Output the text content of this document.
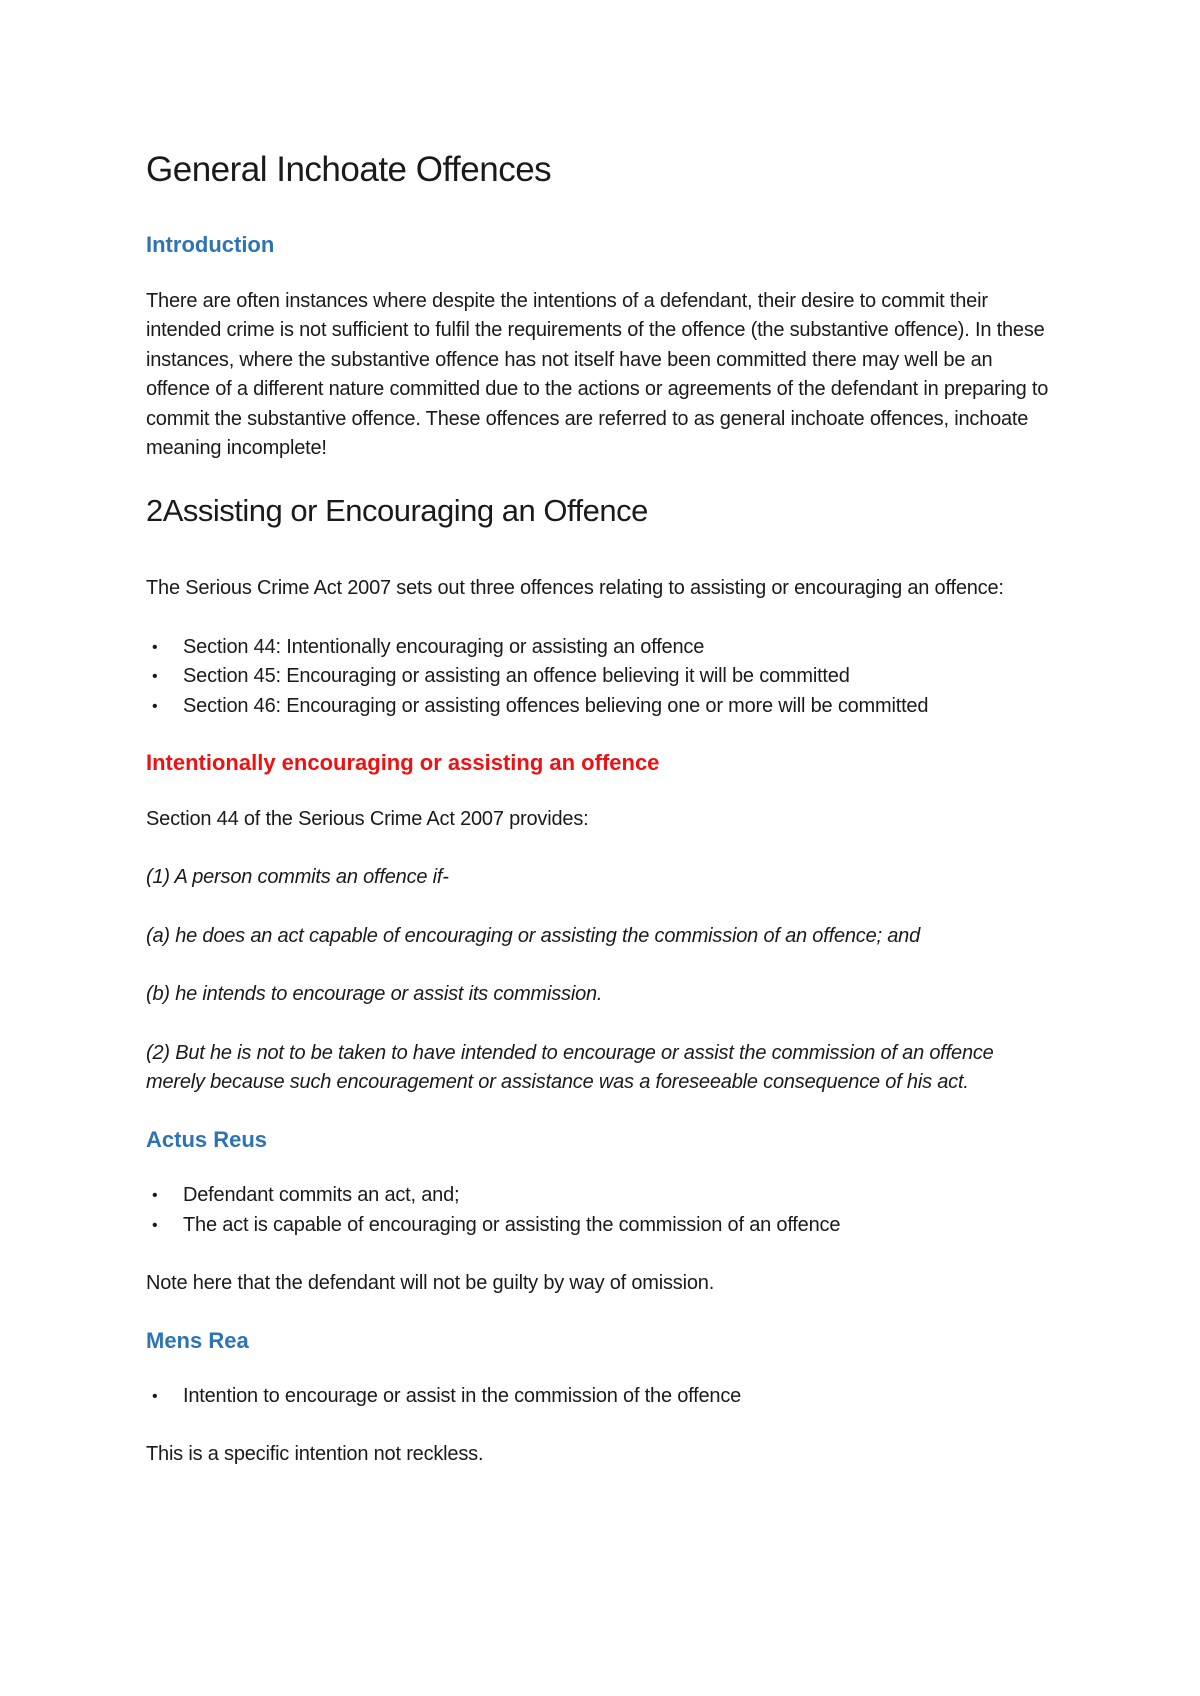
General Inchoate Offences
Introduction

There are often instances where despite the intentions of a defendant, their desire to commit their intended crime is not sufficient to fulfil the requirements of the offence (the substantive offence). In these instances, where the substantive offence has not itself have been committed there may well be an offence of a different nature committed due to the actions or agreements of the defendant in preparing to commit the substantive offence. These offences are referred to as general inchoate offences, inchoate meaning incomplete!

2Assisting or Encouraging an Offence

The Serious Crime Act 2007 sets out three offences relating to assisting or encouraging an offence:

• Section 44: Intentionally encouraging or assisting an offence
• Section 45: Encouraging or assisting an offence believing it will be committed
• Section 46: Encouraging or assisting offences believing one or more will be committed
Intentionally encouraging or assisting an offence

Section 44 of the Serious Crime Act 2007 provides:

(1) A person commits an offence if-

(a) he does an act capable of encouraging or assisting the commission of an offence; and

(b) he intends to encourage or assist its commission.

(2) But he is not to be taken to have intended to encourage or assist the commission of an offence merely because such encouragement or assistance was a foreseeable consequence of his act.

Actus Reus
• Defendant commits an act, and;
• The act is capable of encouraging or assisting the commission of an offence

Note here that the defendant will not be guilty by way of omission.

Mens Rea
• Intention to encourage or assist in the commission of the offence

This is a specific intention not reckless.
